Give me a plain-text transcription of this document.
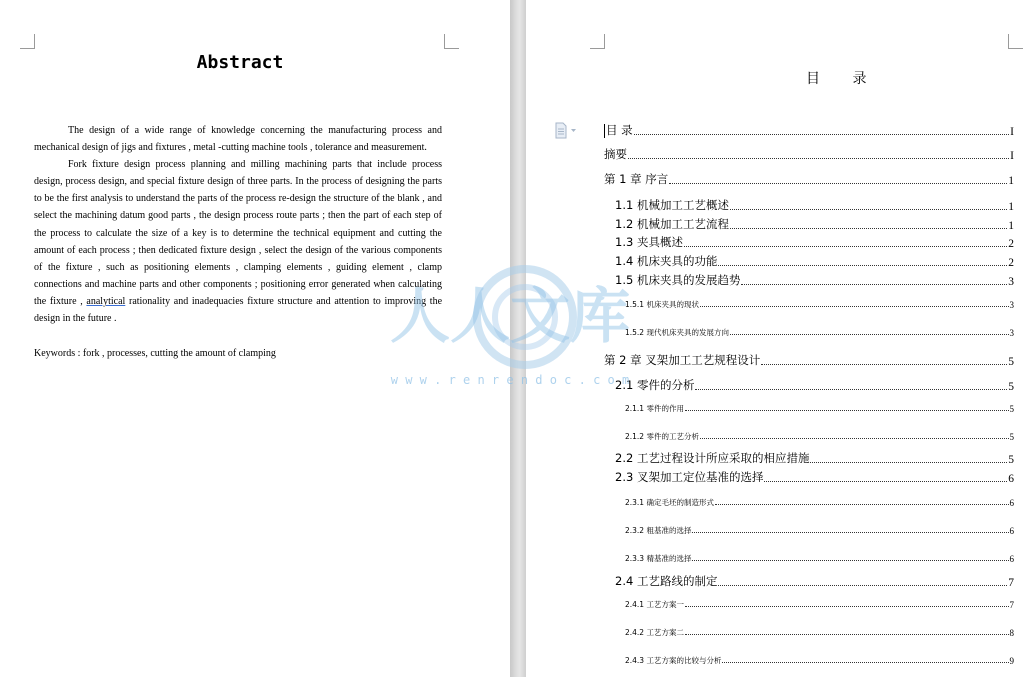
Abstract

The design of a wide range of knowledge concerning the manufacturing process and mechanical design of jigs and fixtures , metal -cutting machine tools , tolerance and measurement.

Fork fixture design process planning and milling machining parts that include process design, process design, and special fixture design of three parts. In the process of designing the parts to be the first analysis to understand the parts of the process re-design the structure of the blank , and select the machining datum good parts , the design process route parts ; then the part of each step of the process to calculate the size of a key is to determine the technical equipment and cutting the amount of each process ; then dedicated fixture design , select the design of the various components of the fixture , such as positioning elements , clamping elements , guiding element , clamp connections and machine parts and other components ; positioning error generated when calculating the fixture , analytical rationality and inadequacies fixture structure and attention to improving the design in the future .

Keywords : fork , processes, cutting the amount of clamping

目 录
目 录	I
摘要	I
第 1 章 序言	1
1.1 机械加工工艺概述	1
1.2 机械加工工艺流程	1
1.3 夹具概述	2
1.4 机床夹具的功能	2
1.5 机床夹具的发展趋势	3
1.5.1 机床夹具的现状	3
1.5.2 现代机床夹具的发展方向	3
第 2 章 叉架加工工艺规程设计	5
2.1 零件的分析	5
2.1.1 零件的作用	5
2.1.2 零件的工艺分析	5
2.2 工艺过程设计所应采取的相应措施	5
2.3 叉架加工定位基准的选择	6
2.3.1 确定毛坯的制造形式	6
2.3.2 粗基准的选择	6
2.3.3 精基准的选择	6
2.4 工艺路线的制定	7
2.4.1 工艺方案一	7
2.4.2 工艺方案二	8
2.4.3 工艺方案的比较与分析	9
人人文库
w w w . r e n r e n d o c . c o m
